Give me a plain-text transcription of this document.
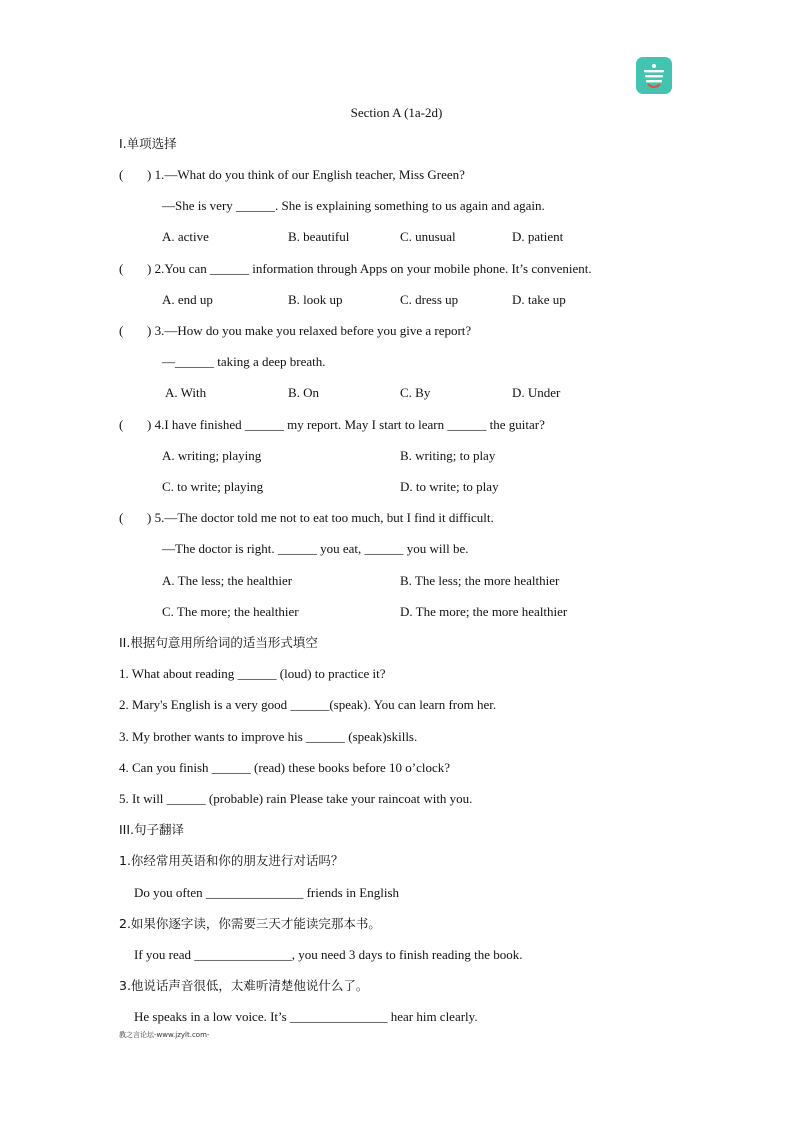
Section A (1a-2d)
I.单项选择
( ) 1.—What do you think of our English teacher, Miss Green?
—She is very ______. She is explaining something to us again and again.
A. active	B. beautiful	C. unusual	D. patient
( ) 2.You can ______ information through Apps on your mobile phone. It’s convenient.
A. end up	B. look up	C. dress up	D. take up
( ) 3.—How do you make you relaxed before you give a report?
—______ taking a deep breath.
A. With	B. On	C. By	D. Under
( ) 4.I have finished ______ my report. May I start to learn ______ the guitar?
A. writing; playing	B. writing; to play
C. to write; playing	D. to write; to play
( ) 5.—The doctor told me not to eat too much, but I find it difficult.
—The doctor is right. ______ you eat, ______ you will be.
A. The less; the healthier	B. The less; the more healthier
C. The more; the healthier	D. The more; the more healthier
II.根据句意用所给词的适当形式填空
1. What about reading ______ (loud) to practice it?
2. Mary's English is a very good ______(speak). You can learn from her.
3. My brother wants to improve his ______ (speak)skills.
4. Can you finish ______ (read) these books before 10 o’clock?
5. It will ______ (probable) rain Please take your raincoat with you.
III.句子翻译
1.你经常用英语和你的朋友进行对话吗？
Do you often _______________ friends in English
2.如果你逐字读，你需要三天才能读完那本书。
If you read _______________, you need 3 days to finish reading the book.
3.他说话声音很低，太难听清楚他说什么了。
He speaks in a low voice. It’s _______________ hear him clearly.
教之言论坛-www.jzylt.com-
